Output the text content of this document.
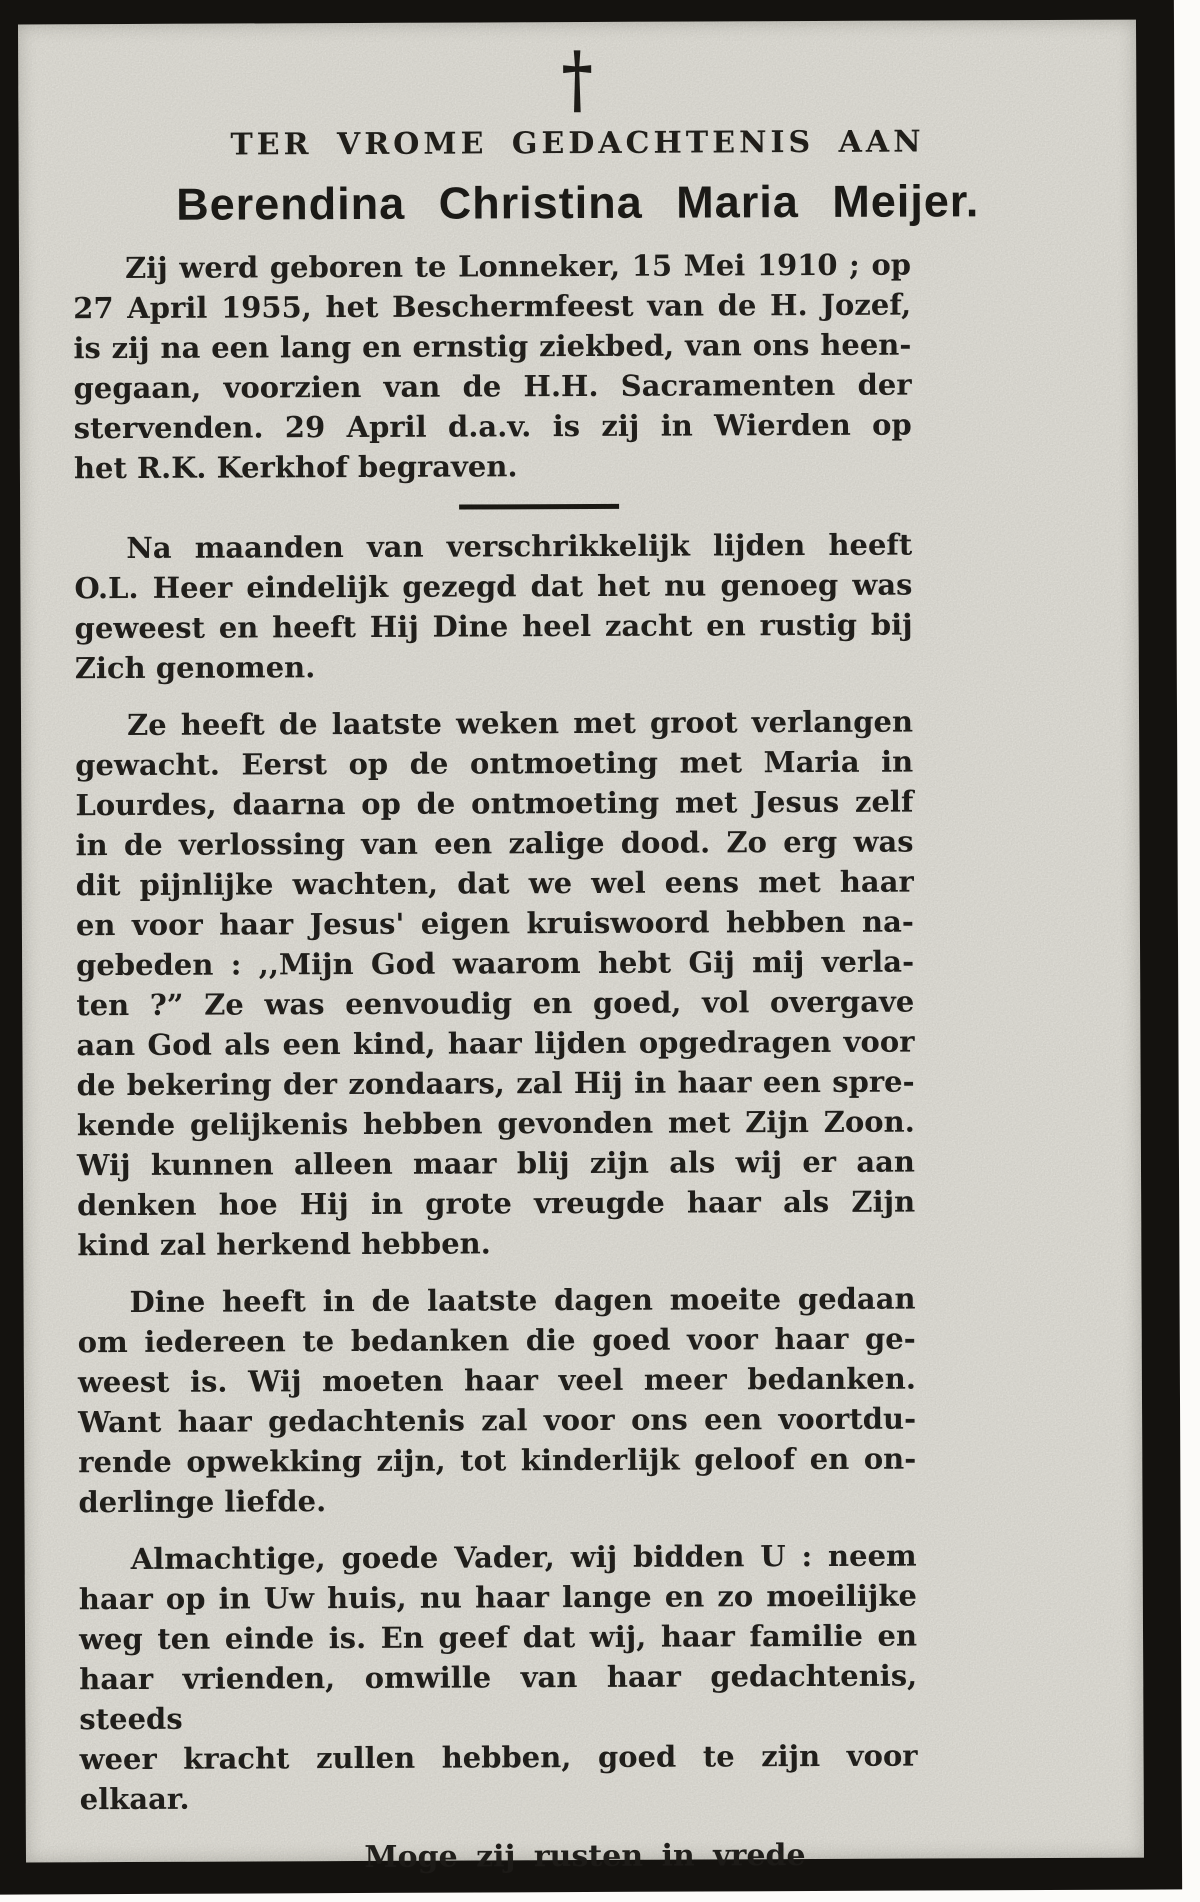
†
TER VROME GEDACHTENIS AAN
Berendina Christina Maria Meijer.
Zij werd geboren te Lonneker, 15 Mei 1910 ; op
27 April 1955, het Beschermfeest van de H. Jozef,
is zij na een lang en ernstig ziekbed, van ons heen-
gegaan, voorzien van de H.H. Sacramenten der
stervenden. 29 April d.a.v. is zij in Wierden op
het R.K. Kerkhof begraven.
Na maanden van verschrikkelijk lijden heeft
O.L. Heer eindelijk gezegd dat het nu genoeg was
geweest en heeft Hij Dine heel zacht en rustig bij
Zich genomen.
Ze heeft de laatste weken met groot verlangen
gewacht. Eerst op de ontmoeting met Maria in
Lourdes, daarna op de ontmoeting met Jesus zelf
in de verlossing van een zalige dood. Zo erg was
dit pijnlijke wachten, dat we wel eens met haar
en voor haar Jesus' eigen kruiswoord hebben na-
gebeden : ,,Mijn God waarom hebt Gij mij verla-
ten ?” Ze was eenvoudig en goed, vol overgave
aan God als een kind, haar lijden opgedragen voor
de bekering der zondaars, zal Hij in haar een spre-
kende gelijkenis hebben gevonden met Zijn Zoon.
Wij kunnen alleen maar blij zijn als wij er aan
denken hoe Hij in grote vreugde haar als Zijn
kind zal herkend hebben.
Dine heeft in de laatste dagen moeite gedaan
om iedereen te bedanken die goed voor haar ge-
weest is. Wij moeten haar veel meer bedanken.
Want haar gedachtenis zal voor ons een voortdu-
rende opwekking zijn, tot kinderlijk geloof en on-
derlinge liefde.
Almachtige, goede Vader, wij bidden U : neem
haar op in Uw huis, nu haar lange en zo moeilijke
weg ten einde is. En geef dat wij, haar familie en
haar vrienden, omwille van haar gedachtenis, steeds
weer kracht zullen hebben, goed te zijn voor elkaar.
Moge zij rusten in vrede
